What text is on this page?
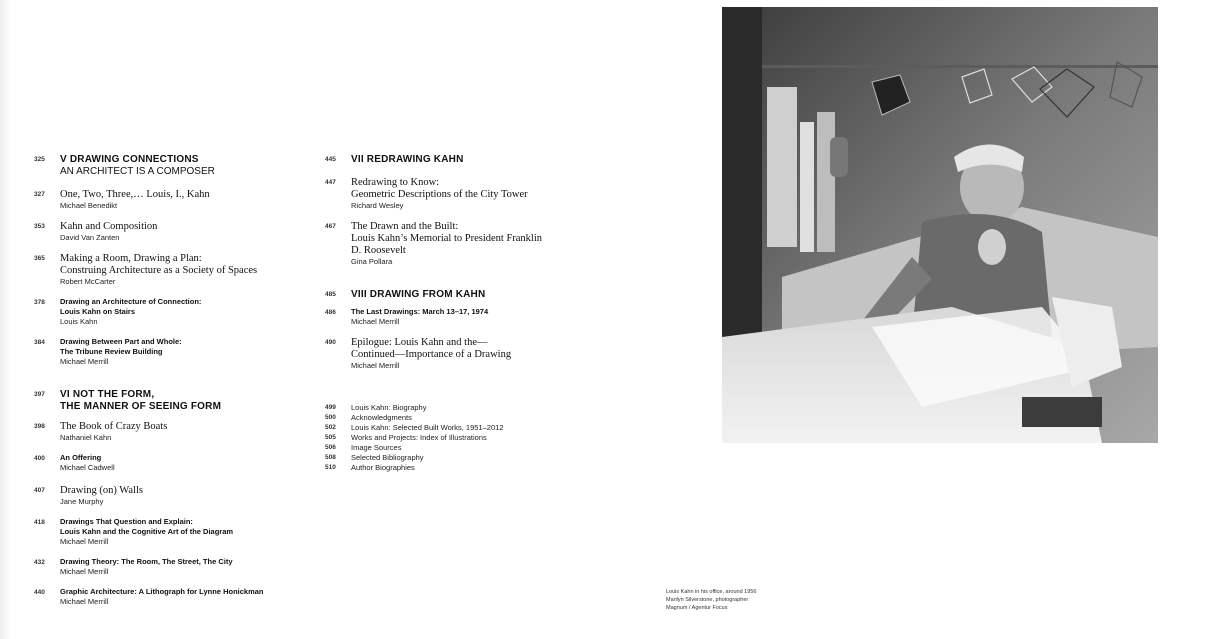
325	V DRAWING CONNECTIONS
AN ARCHITECT IS A COMPOSER
327	One, Two, Three,… Louis, I., Kahn
Michael Benedikt
353	Kahn and Composition
David Van Zanten
365	Making a Room, Drawing a Plan:
Construing Architecture as a Society of Spaces
Robert McCarter
378	Drawing an Architecture of Connection:
Louis Kahn on Stairs
Louis Kahn
384	Drawing Between Part and Whole:
The Tribune Review Building
Michael Merrill
397	VI NOT THE FORM,
THE MANNER OF SEEING FORM
398	The Book of Crazy Boats
Nathaniel Kahn
400	An Offering
Michael Cadwell
407	Drawing (on) Walls
Jane Murphy
418	Drawings That Question and Explain:
Louis Kahn and the Cognitive Art of the Diagram
Michael Merrill
432	Drawing Theory: The Room, The Street, The City
Michael Merrill
440	Graphic Architecture: A Lithograph for Lynne Honickman
Michael Merrill
445	VII REDRAWING KAHN
447	Redrawing to Know:
Geometric Descriptions of the City Tower
Richard Wesley
467	The Drawn and the Built:
Louis Kahn’s Memorial to President Franklin
D. Roosevelt
Gina Pollara
485	VIII DRAWING FROM KAHN
486	The Last Drawings: March 13–17, 1974
Michael Merrill
490	Epilogue: Louis Kahn and the—
Continued—Importance of a Drawing
Michael Merrill
499	Louis Kahn: Biography
500	Acknowledgments
502	Louis Kahn: Selected Built Works, 1951–2012
505	Works and Projects: Index of Illustrations
506	Image Sources
508	Selected Bibliography
510	Author Biographies
Louis Kahn in his office, around 1956
Marilyn Silverstone, photographer
Magnum / Agentur Focus
